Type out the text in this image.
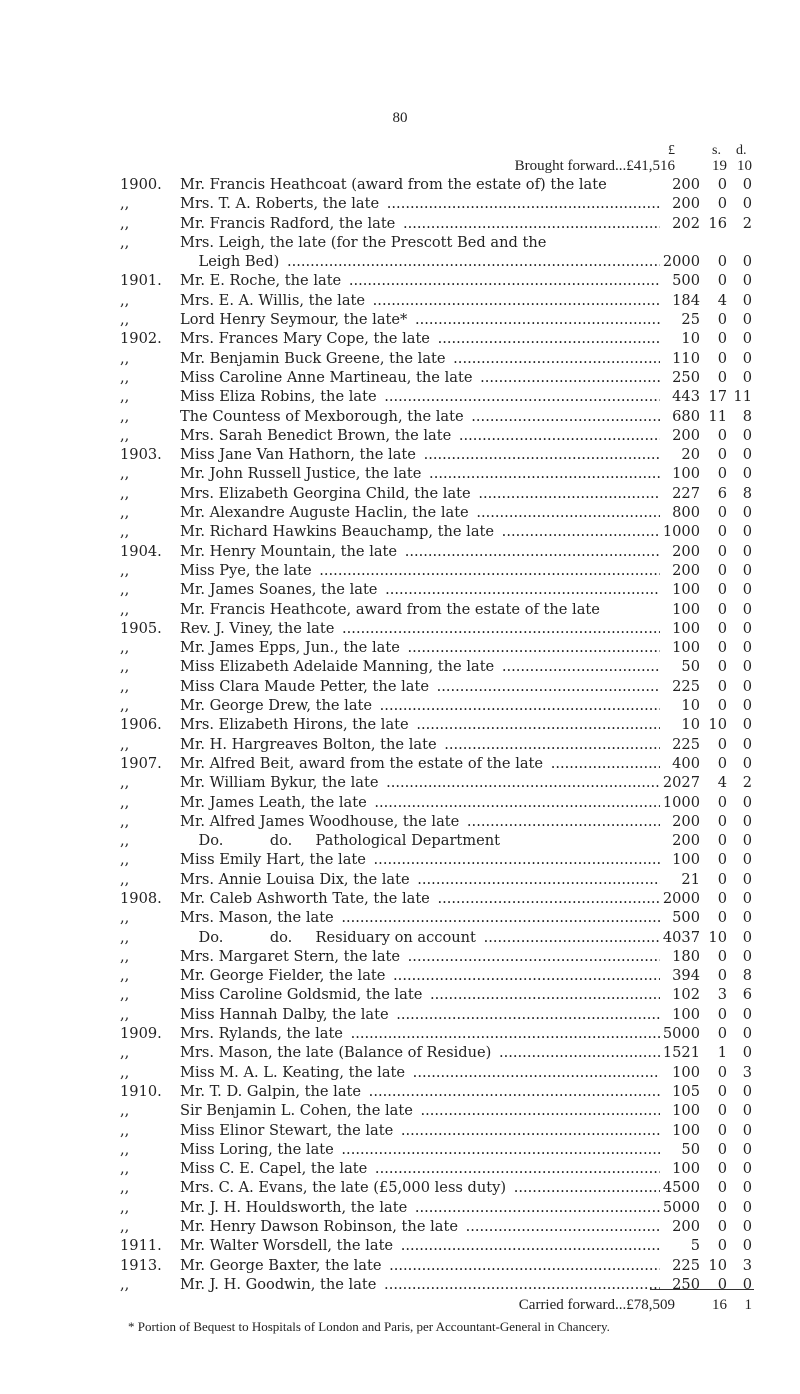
80
£	s. d.
Brought forward...£41,516 19 10
1900.	Mr. Francis Heathcoat (award from the estate of) the late	200	0	0
,,	Mrs. T. A. Roberts, the late .....	200	0	0
,,	Mr. Francis Radford, the late .....	202 16	2
,,	Mrs. Leigh, the late (for the Prescott Bed and the
Leigh Bed) .....	2000	0	0
1901.	Mr. E. Roche, the late .....	500	0	0
,,	Mrs. E. A. Willis, the late .....	184	4	0
,,	Lord Henry Seymour, the late* .....	25	0	0
1902.	Mrs. Frances Mary Cope, the late .....	10	0	0
,,	Mr. Benjamin Buck Greene, the late .....	110	0	0
,,	Miss Caroline Anne Martineau, the late .....	250	0	0
,,	Miss Eliza Robins, the late .....	443 17 11
,,	The Countess of Mexborough, the late .....	680 11	8
,,	Mrs. Sarah Benedict Brown, the late .....	200	0	0
1903.	Miss Jane Van Hathorn, the late .....	20	0	0
,,	Mr. John Russell Justice, the late .....	100	0	0
,,	Mrs. Elizabeth Georgina Child, the late .....	227	6	8
,,	Mr. Alexandre Auguste Haclin, the late .....	800	0	0
,,	Mr. Richard Hawkins Beauchamp, the late .....	1000	0	0
1904.	Mr. Henry Mountain, the late .....	200	0	0
,,	Miss Pye, the late .....	200	0	0
,,	Mr. James Soanes, the late .....	100	0	0
,,	Mr. Francis Heathcote, award from the estate of the late	100	0	0
1905.	Rev. J. Viney, the late .....	100	0	0
,,	Mr. James Epps, Jun., the late .....	100	0	0
,,	Miss Elizabeth Adelaide Manning, the late .....	50	0	0
,,	Miss Clara Maude Petter, the late .....	225	0	0
,,	Mr. George Drew, the late .....	10	0	0
1906.	Mrs. Elizabeth Hirons, the late .....	10 10	0
,,	Mr. H. Hargreaves Bolton, the late .....	225	0	0
1907.	Mr. Alfred Beit, award from the estate of the late .....	400	0	0
,,	Mr. William Bykur, the late .....	2027	4	2
,,	Mr. James Leath, the late .....	1000	0	0
,,	Mr. Alfred James Woodhouse, the late .....	200	0	0
,,	Do.          do.     Pathological Department	200	0	0
,,	Miss Emily Hart, the late .....	100	0	0
,,	Mrs. Annie Louisa Dix, the late .....	21	0	0
1908.	Mr. Caleb Ashworth Tate, the late .....	2000	0	0
,,	Mrs. Mason, the late .....	500	0	0
,,	Do.          do.     Residuary on account .....	4037 10	0
,,	Mrs. Margaret Stern, the late .....	180	0	0
,,	Mr. George Fielder, the late .....	394	0	8
,,	Miss Caroline Goldsmid, the late .....	102	3	6
,,	Miss Hannah Dalby, the late .....	100	0	0
1909.	Mrs. Rylands, the late .....	5000	0	0
,,	Mrs. Mason, the late (Balance of Residue) .....	1521	1	0
,,	Miss M. A. L. Keating, the late .....	100	0	3
1910.	Mr. T. D. Galpin, the late .....	105	0	0
,,	Sir Benjamin L. Cohen, the late .....	100	0	0
,,	Miss Elinor Stewart, the late .....	100	0	0
,,	Miss Loring, the late .....	50	0	0
,,	Miss C. E. Capel, the late .....	100	0	0
,,	Mrs. C. A. Evans, the late (£5,000 less duty) .....	4500	0	0
,,	Mr. J. H. Houldsworth, the late .....	5000	0	0
,,	Mr. Henry Dawson Robinson, the late .....	200	0	0
1911.	Mr. Walter Worsdell, the late .....	5	0	0
1913.	Mr. George Baxter, the late .....	225 10	3
,,	Mr. J. H. Goodwin, the late .....	250	0	0
Carried forward...£78,509 16	1
* Portion of Bequest to Hospitals of London and Paris, per Accountant-General in Chancery.
